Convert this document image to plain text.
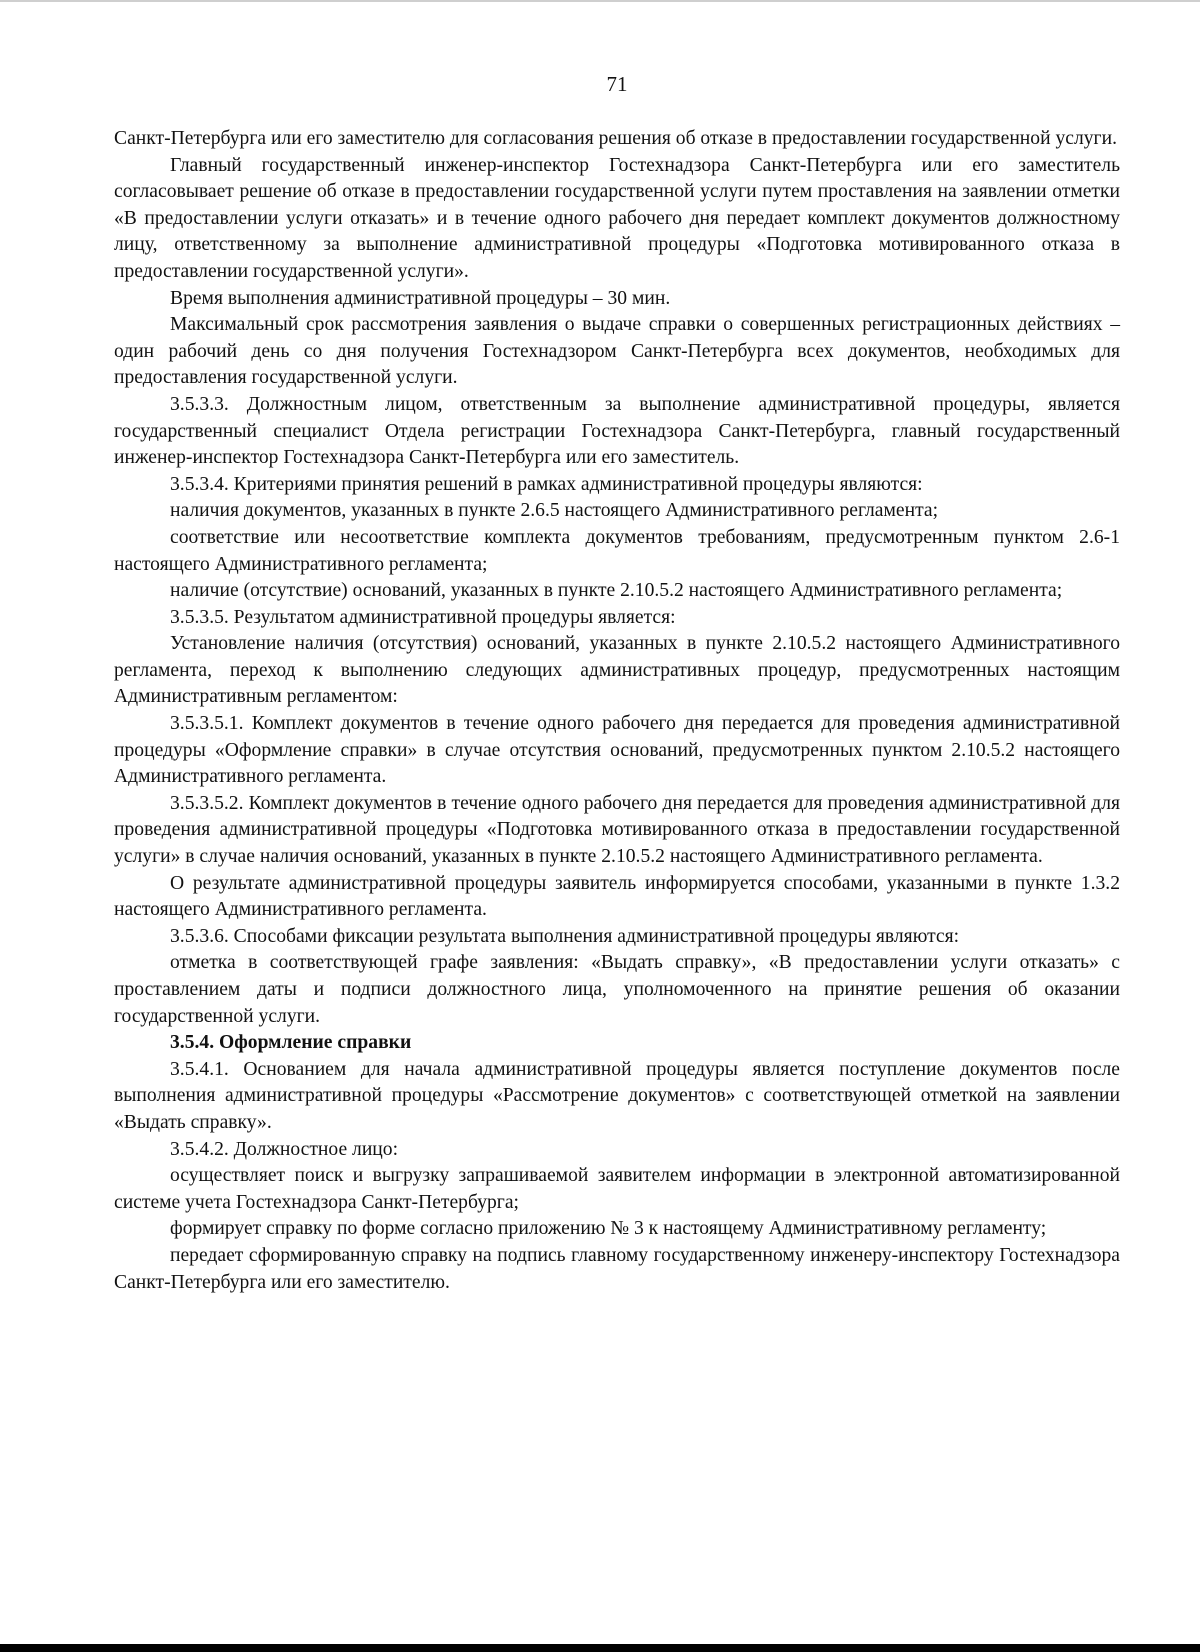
71

Санкт-Петербурга или его заместителю для согласования решения об отказе в предоставлении государственной услуги.

Главный государственный инженер-инспектор Гостехнадзора Санкт-Петербурга или его заместитель согласовывает решение об отказе в предоставлении государственной услуги путем проставления на заявлении отметки «В предоставлении услуги отказать» и в течение одного рабочего дня передает комплект документов должностному лицу, ответственному за выполнение административной процедуры «Подготовка мотивированного отказа в предоставлении государственной услуги».

Время выполнения административной процедуры – 30 мин.

Максимальный срок рассмотрения заявления о выдаче справки о совершенных регистрационных действиях – один рабочий день со дня получения Гостехнадзором Санкт-Петербурга всех документов, необходимых для предоставления государственной услуги.

3.5.3.3. Должностным лицом, ответственным за выполнение административной процедуры, является государственный специалист Отдела регистрации Гостехнадзора Санкт-Петербурга, главный государственный инженер-инспектор Гостехнадзора Санкт-Петербурга или его заместитель.

3.5.3.4. Критериями принятия решений в рамках административной процедуры являются:

наличия документов, указанных в пункте 2.6.5 настоящего Административного регламента;

соответствие или несоответствие комплекта документов требованиям, предусмотренным пунктом 2.6-1 настоящего Административного регламента;

наличие (отсутствие) оснований, указанных в пункте 2.10.5.2 настоящего Административного регламента;

3.5.3.5. Результатом административной процедуры является:

Установление наличия (отсутствия) оснований, указанных в пункте 2.10.5.2 настоящего Административного регламента, переход к выполнению следующих административных процедур, предусмотренных настоящим Административным регламентом:

3.5.3.5.1. Комплект документов в течение одного рабочего дня передается для проведения административной процедуры «Оформление справки» в случае отсутствия оснований, предусмотренных пунктом 2.10.5.2 настоящего Административного регламента.

3.5.3.5.2. Комплект документов в течение одного рабочего дня передается для проведения административной для проведения административной процедуры «Подготовка мотивированного отказа в предоставлении государственной услуги» в случае наличия оснований, указанных в пункте 2.10.5.2 настоящего Административного регламента.

О результате административной процедуры заявитель информируется способами, указанными в пункте 1.3.2 настоящего Административного регламента.

3.5.3.6. Способами фиксации результата выполнения административной процедуры являются:

отметка в соответствующей графе заявления: «Выдать справку», «В предоставлении услуги отказать» с проставлением даты и подписи должностного лица, уполномоченного на принятие решения об оказании государственной услуги.

3.5.4. Оформление справки

3.5.4.1. Основанием для начала административной процедуры является поступление документов после выполнения административной процедуры «Рассмотрение документов» с соответствующей отметкой на заявлении «Выдать справку».

3.5.4.2. Должностное лицо:

осуществляет поиск и выгрузку запрашиваемой заявителем информации в электронной автоматизированной системе учета Гостехнадзора Санкт-Петербурга;

формирует справку по форме согласно приложению № 3 к настоящему Административному регламенту;

передает сформированную справку на подпись главному государственному инженеру-инспектору Гостехнадзора Санкт-Петербурга или его заместителю.
